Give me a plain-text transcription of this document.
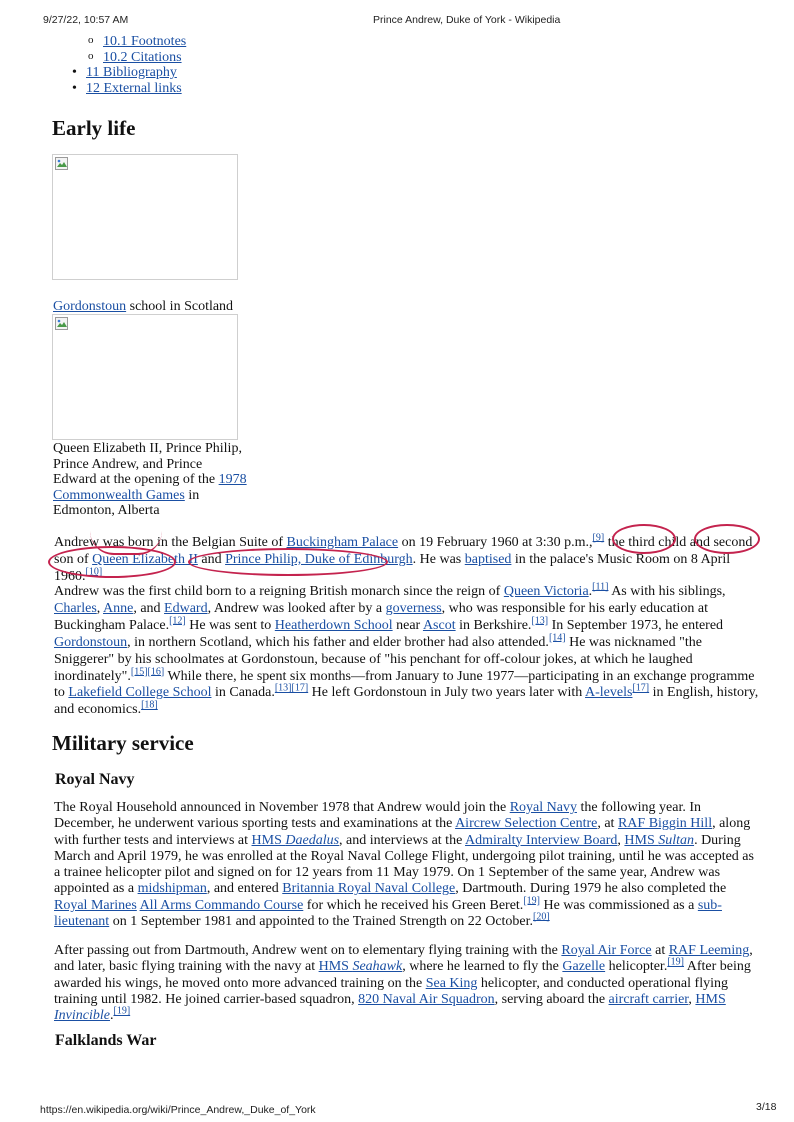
9/27/22, 10:57 AM	Prince Andrew, Duke of York - Wikipedia
o 10.1 Footnotes
o 10.2 Citations
• 11 Bibliography
• 12 External links
Early life
Gordonstoun school in Scotland
Queen Elizabeth II, Prince Philip, Prince Andrew, and Prince Edward at the opening of the 1978 Commonwealth Games in Edmonton, Alberta

Andrew was born in the Belgian Suite of Buckingham Palace on 19 February 1960 at 3:30 p.m.,[9] the third child and second son of Queen Elizabeth II and Prince Philip, Duke of Edinburgh. He was baptised in the palace's Music Room on 8 April 1960.[10]

Andrew was the first child born to a reigning British monarch since the reign of Queen Victoria.[11] As with his siblings, Charles, Anne, and Edward, Andrew was looked after by a governess, who was responsible for his early education at Buckingham Palace.[12] He was sent to Heatherdown School near Ascot in Berkshire.[13] In September 1973, he entered Gordonstoun, in northern Scotland, which his father and elder brother had also attended.[14] He was nicknamed "the Sniggerer" by his schoolmates at Gordonstoun, because of "his penchant for off-colour jokes, at which he laughed inordinately".[15][16] While there, he spent six months—from January to June 1977—participating in an exchange programme to Lakefield College School in Canada.[13][17] He left Gordonstoun in July two years later with A-levels[17] in English, history, and economics.[18]

Military service
Royal Navy

The Royal Household announced in November 1978 that Andrew would join the Royal Navy the following year. In December, he underwent various sporting tests and examinations at the Aircrew Selection Centre, at RAF Biggin Hill, along with further tests and interviews at HMS Daedalus, and interviews at the Admiralty Interview Board, HMS Sultan. During March and April 1979, he was enrolled at the Royal Naval College Flight, undergoing pilot training, until he was accepted as a trainee helicopter pilot and signed on for 12 years from 11 May 1979. On 1 September of the same year, Andrew was appointed as a midshipman, and entered Britannia Royal Naval College, Dartmouth. During 1979 he also completed the Royal Marines All Arms Commando Course for which he received his Green Beret.[19] He was commissioned as a sub-lieutenant on 1 September 1981 and appointed to the Trained Strength on 22 October.[20]

After passing out from Dartmouth, Andrew went on to elementary flying training with the Royal Air Force at RAF Leeming, and later, basic flying training with the navy at HMS Seahawk, where he learned to fly the Gazelle helicopter.[19] After being awarded his wings, he moved onto more advanced training on the Sea King helicopter, and conducted operational flying training until 1982. He joined carrier-based squadron, 820 Naval Air Squadron, serving aboard the aircraft carrier, HMS Invincible.[19]

Falklands War
https://en.wikipedia.org/wiki/Prince_Andrew,_Duke_of_York	3/18
